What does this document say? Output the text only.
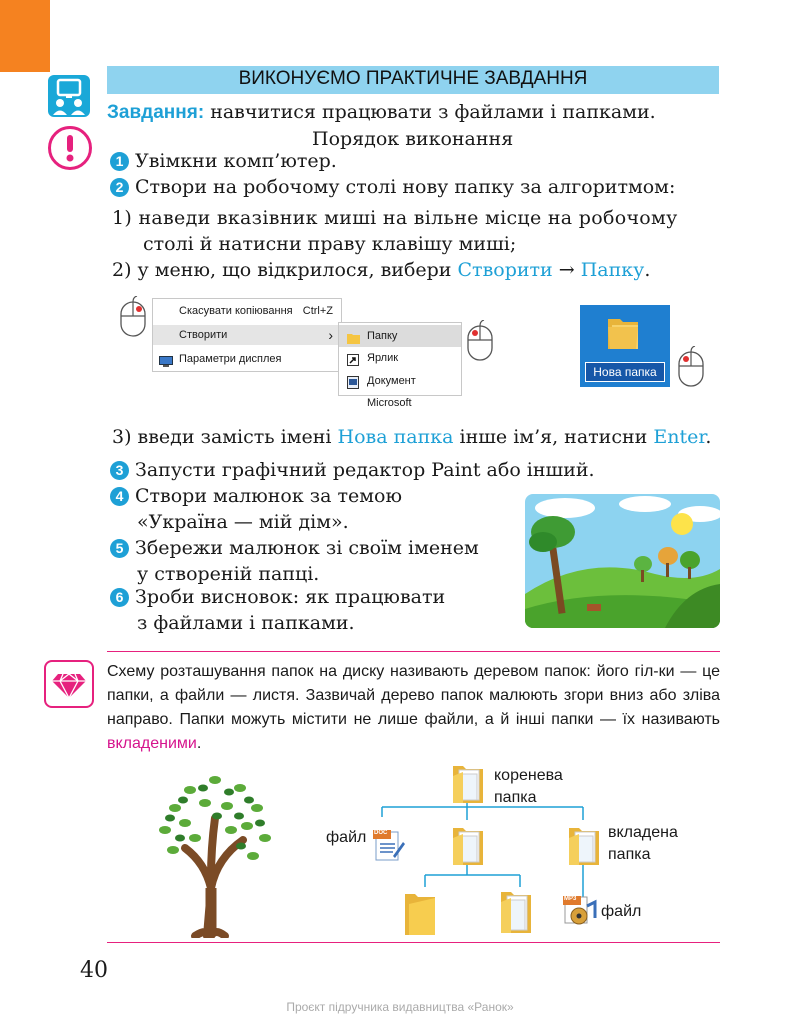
ВИКОНУЄМО ПРАКТИЧНЕ ЗАВДАННЯ
Завдання: навчитися працювати з файлами і папками.
Порядок виконання
1 Увімкни комп’ютер.
2 Створи на робочому столі нову папку за алгоритмом:
1) наведи вказівник миші на вільне місце на робочому
столі й натисни праву клавішу миші;
2) у меню, що відкрилося, вибери Створити → Папку.
Скасувати копіювання Ctrl+Z
Створити	›
Параметри дисплея
Папку
Ярлик
Документ Microsoft
Нова папка
3) введи замість імені Нова папка інше ім’я, натисни Enter.
3 Запусти графічний редактор Paint або інший.
4 Створи малюнок за темою
«Україна — мій дім».
5 Збережи малюнок зі своїм іменем
у створеній папці.
6 Зроби висновок: як працювати
з файлами і папками.
Схему розташування папок на диску називають деревом папок: його гіл-ки — це папки, а файли — листя. Зазвичай дерево папок малюють згори вниз або зліва направо. Папки можуть містити не лише файли, а й інші папки — їх називають вкладеними.
DOC
MP3
коренева
папка
файл	вкладена
папка
файл
40
Проєкт підручника видавництва «Ранок»
